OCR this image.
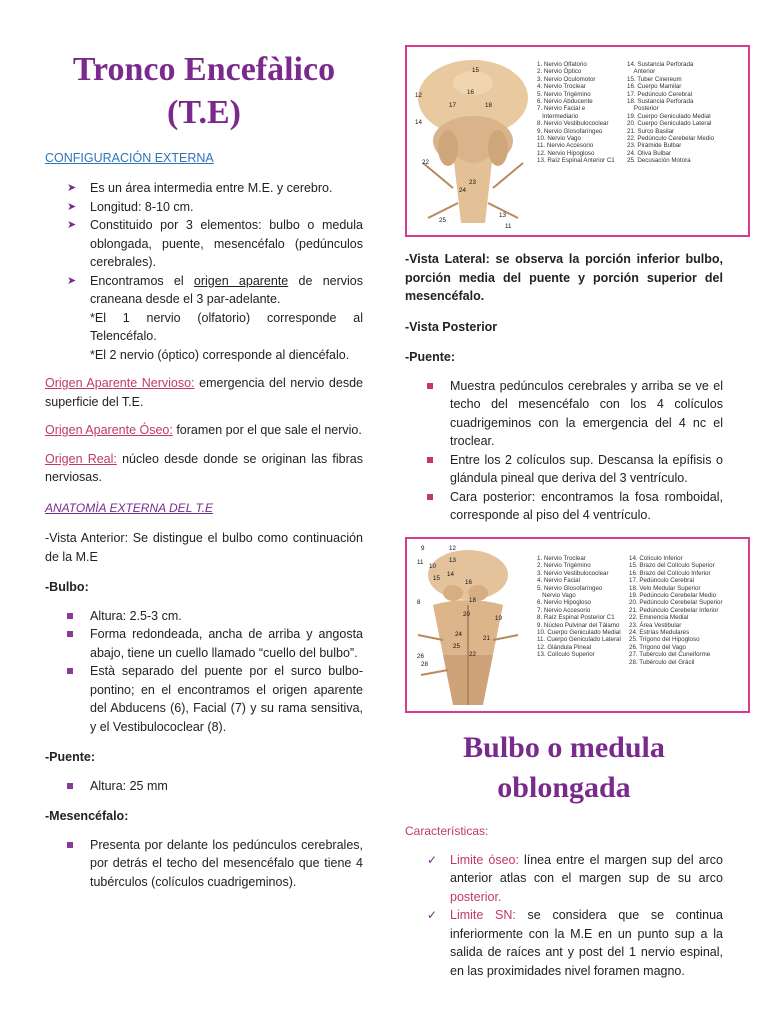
Tronco Encefàlico
(T.E)
CONFIGURACIÓN EXTERNA
➤ Es un área intermedia entre M.E. y cerebro.
➤ Longitud: 8-10 cm.
➤ Constituido por 3 elementos: bulbo o medula oblongada, puente, mesencéfalo (pedúnculos cerebrales).
➤ Encontramos el origen aparente de nervios craneana desde el 3 par-adelante.
*El 1 nervio (olfatorio) corresponde al Telencéfalo.
*El 2 nervio (óptico) corresponde al diencéfalo.

Origen Aparente Nervioso: emergencia del nervio desde superficie del T.E.

Origen Aparente Óseo: foramen por el que sale el nervio.

Origen Real: núcleo desde donde se originan las fibras nerviosas.

ANATOMÌA EXTERNA DEL T.E

-Vista Anterior: Se distingue el bulbo como continuación de la M.E

-Bulbo:

Altura: 2.5-3 cm.
Forma redondeada, ancha de arriba y angosta abajo, tiene un cuello llamado “cuello del bulbo”.
Està separado del puente por el surco bulbo-pontino; en el encontramos el origen aparente del Abducens (6), Facial (7) y su rama sensitiva, y el Vestibulococlear (8).

-Puente:

Altura: 25 mm

-Mesencéfalo:

Presenta por delante los pedúnculos cerebrales, por detrás el techo del mesencéfalo que tiene 4 tubérculos (colículos cuadrigeminos).
12
15
16
17	18
14
22
23
24
25
13
11
1. Nervio Olfatorio
2. Nervio Óptico
3. Nervio Oculomotor
4. Nervio Troclear
5. Nervio Trigémino
6. Nervio Abducente
7. Nervio Facial e
Intermediario
8. Nervio Vestibulococlear
9. Nervio Glosofaríngeo
10. Nervio Vago
11. Nervio Accesorio
12. Nervio Hipogloso
13. Raíz Espinal Anterior C1
14. Sustancia Perforada
Anterior
15. Tuber Cinereum
16. Cuerpo Mamilar
17. Pedúnculo Cerebral
18. Sustancia Perforada
Posterior
19. Cuerpo Geniculado Medial
20. Cuerpo Geniculado Lateral
21. Surco Basilar
22. Pedúnculo Cerebelar Medio
23. Pirámide Bulbar
24. Oliva Bulbar
25. Decusación Motora

-Vista Lateral: se observa la porción inferior bulbo, porción media del puente y porción superior del mesencéfalo.

-Vista Posterior

-Puente:

Muestra pedúnculos cerebrales y arriba se ve el techo del mesencéfalo con los 4 colículos cuadrigeminos con la emergencia del 4 nc el troclear.
Entre los 2 colículos sup. Descansa la epífisis o glándula pineal que deriva del 3 ventrículo.
Cara posterior: encontramos la fosa romboidal, corresponde al piso del 4 ventrículo.
9	12
13
11
10
14
15
16
18
8
20
19
24
21
25
26	22
28
1. Nervio Troclear
2. Nervio Trigémino
3. Nervio Vestibulococlear
4. Nervio Facial
5. Nervio Glosofaríngeo
Nervio Vago
6. Nervio Hipogloso
7. Nervio Accesorio
8. Raíz Espinal Posterior C1
9. Núcleo Pulvinar del Tálamo
10. Cuerpo Geniculado Medial
11. Cuerpo Geniculado Lateral
12. Glándula Pineal
13. Colículo Superior
14. Colículo Inferior
15. Brazo del Colículo Superior
16. Brazo del Colículo Inferior
17. Pedúnculo Cerebral
18. Velo Medular Superior
19. Pedúnculo Cerebelar Medio
20. Pedúnculo Cerebelar Superior
21. Pedúnculo Cerebelar Inferior
22. Eminencia Medial
23. Área Vestibular
24. Estrías Medulares
25. Trígono del Hipogloso
26. Trígono del Vago
27. Tubérculo del Cuneiforme
28. Tubérculo del Grácil
Bulbo o medula
oblongada

Características:

✓ Limite óseo: línea entre el margen sup del arco anterior atlas con el margen sup de su arco posterior.
✓ Limite SN: se considera que se continua inferiormente con la M.E en un punto sup a la salida de raíces ant y post del 1 nervio espinal, en las proximidades nivel foramen magno.
